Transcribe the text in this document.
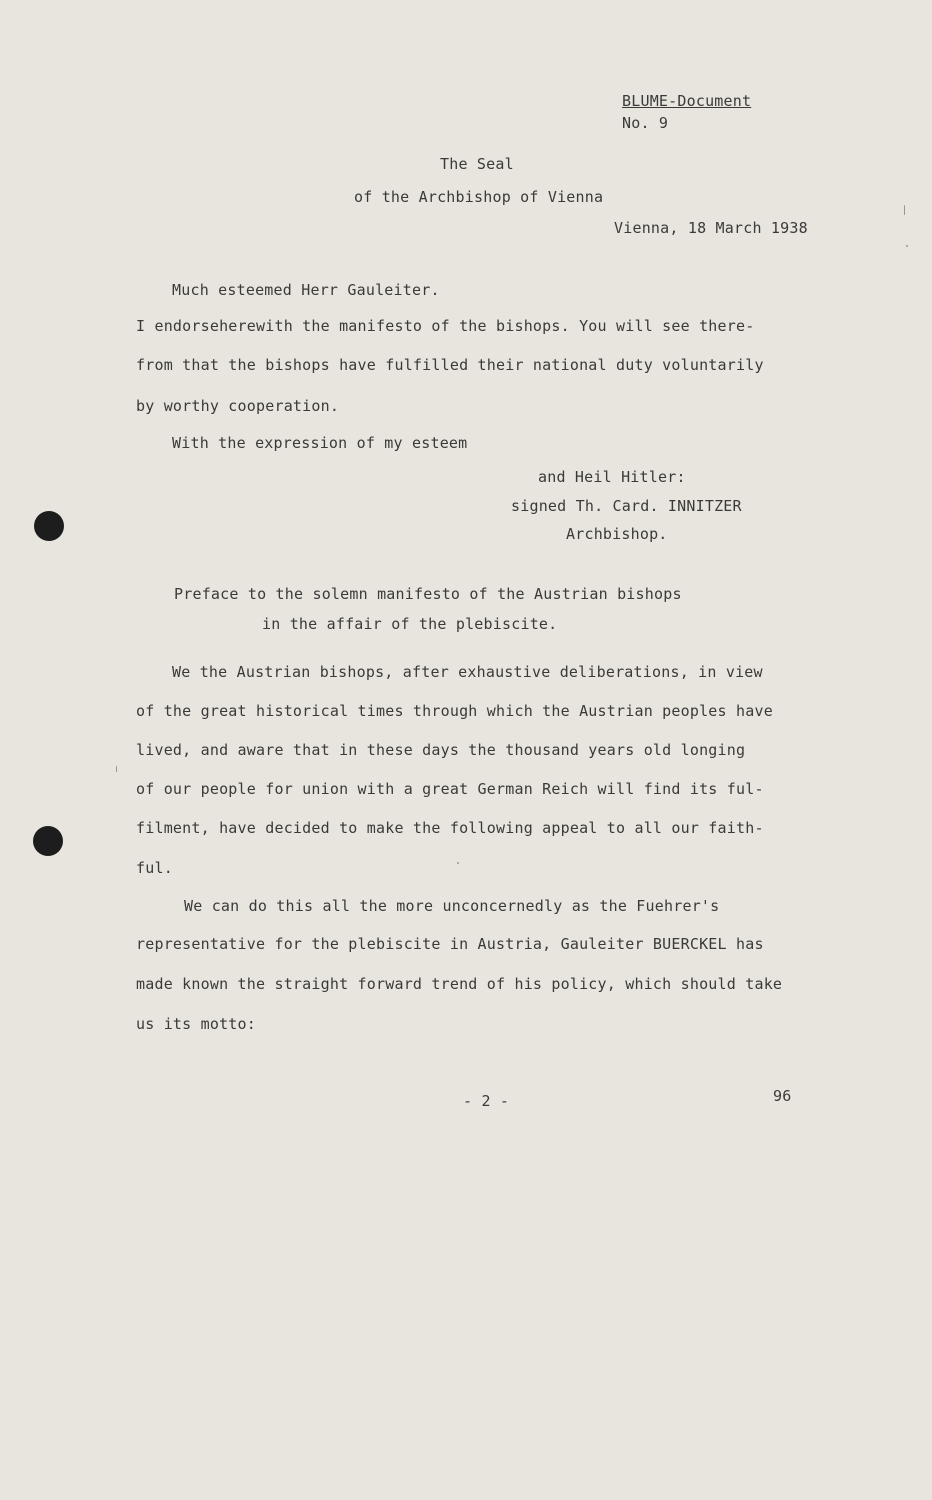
BLUME-Document
No. 9
The Seal
of the Archbishop of Vienna
Vienna, 18 March 1938
Much esteemed Herr Gauleiter.
I endorseherewith the manifesto of the bishops. You will see there-
from that the bishops have fulfilled their national duty voluntarily
by worthy cooperation.
With the expression of my esteem
and Heil Hitler:
signed Th. Card. INNITZER
Archbishop.
Preface to the solemn manifesto of the Austrian bishops
in the affair of the plebiscite.
We the Austrian bishops, after exhaustive deliberations, in view
of the great historical times through which the Austrian peoples have
lived, and aware that in these days the thousand years old longing
of our people for union with a great German Reich will find its ful-
filment, have decided to make the following appeal to all our faith-
ful.
We can do this all the more unconcernedly as the Fuehrer's
representative for the plebiscite in Austria, Gauleiter BUERCKEL has
made known the straight forward trend of his policy, which should take
us its motto:
- 2 -	96
